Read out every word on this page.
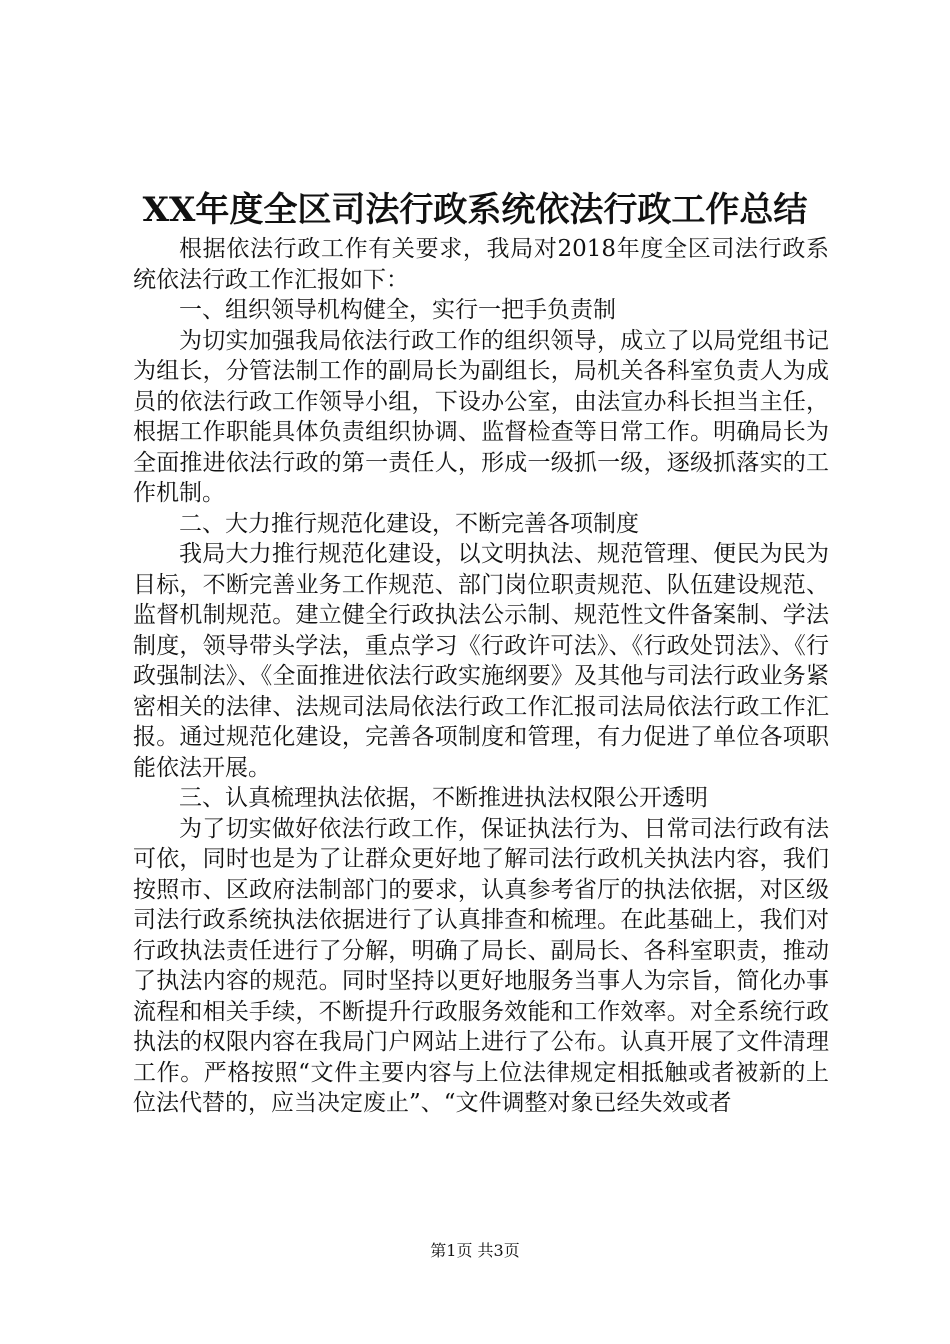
XX年度全区司法行政系统依法行政工作总结

根据依法行政工作有关要求，我局对2018年度全区司法行政系统依法行政工作汇报如下：

一、组织领导机构健全，实行一把手负责制

为切实加强我局依法行政工作的组织领导，成立了以局党组书记为组长，分管法制工作的副局长为副组长，局机关各科室负责人为成员的依法行政工作领导小组，下设办公室，由法宣办科长担当主任，根据工作职能具体负责组织协调、监督检查等日常工作。明确局长为全面推进依法行政的第一责任人，形成一级抓一级，逐级抓落实的工作机制。

二、大力推行规范化建设，不断完善各项制度

我局大力推行规范化建设，以文明执法、规范管理、便民为民为目标，不断完善业务工作规范、部门岗位职责规范、队伍建设规范、监督机制规范。建立健全行政执法公示制、规范性文件备案制、学法制度，领导带头学法，重点学习《行政许可法》、《行政处罚法》、《行政强制法》、《全面推进依法行政实施纲要》及其他与司法行政业务紧密相关的法律、法规司法局依法行政工作汇报司法局依法行政工作汇报。通过规范化建设，完善各项制度和管理，有力促进了单位各项职能依法开展。

三、认真梳理执法依据，不断推进执法权限公开透明

为了切实做好依法行政工作，保证执法行为、日常司法行政有法可依，同时也是为了让群众更好地了解司法行政机关执法内容，我们按照市、区政府法制部门的要求，认真参考省厅的执法依据，对区级司法行政系统执法依据进行了认真排查和梳理。在此基础上，我们对行政执法责任进行了分解，明确了局长、副局长、各科室职责，推动了执法内容的规范。同时坚持以更好地服务当事人为宗旨，简化办事流程和相关手续，不断提升行政服务效能和工作效率。对全系统行政执法的权限内容在我局门户网站上进行了公布。认真开展了文件清理工作。严格按照“文件主要内容与上位法律规定相抵触或者被新的上位法代替的，应当决定废止”、“文件调整对象已经失效或者

第1页 共3页
